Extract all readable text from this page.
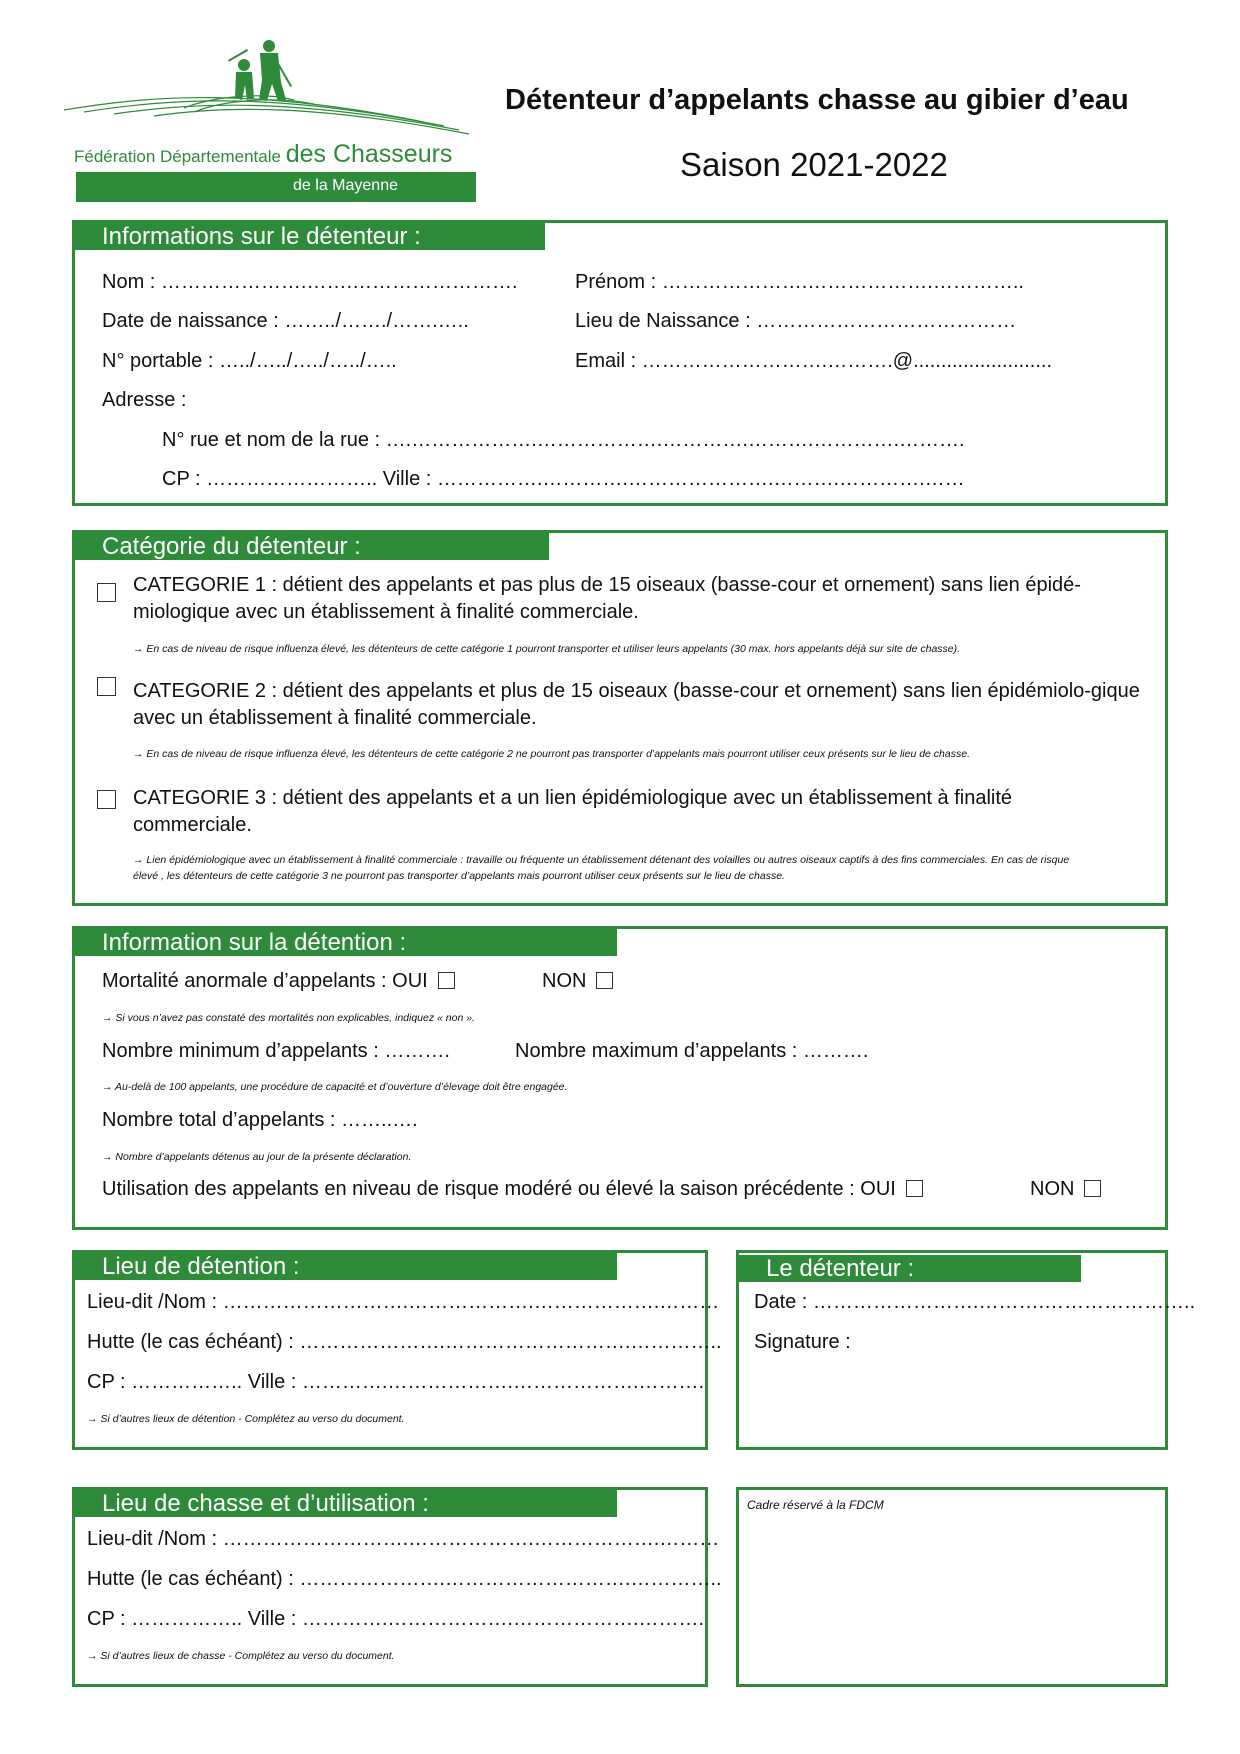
Fédération Départementale des Chasseurs
de la Mayenne
Détenteur d’appelants chasse au gibier d’eau
Saison 2021-2022
Informations sur le détenteur :
Nom : ………………….…….…………………….	Prénom : ………………….……………….…………..
Date de naissance : ……../……./…….…..	Lieu de Naissance : …………………………………
N° portable : …../…../…../…../…..	Email : ……………………….……….@.........................
Adresse :
N° rue et nom de la rue : ….……………….……………….………….……….………….……….
CP : …………………….. Ville : …………….………….………………….……….………….……
Catégorie du détenteur :
CATEGORIE 1 : détient des appelants et pas plus de 15 oiseaux (basse-cour et ornement) sans lien épidé-miologique avec un établissement à finalité commerciale.
→ En cas de niveau de risque influenza élevé, les détenteurs de cette catégorie 1 pourront transporter et utiliser leurs appelants (30 max. hors appelants déjà sur site de chasse).
CATEGORIE 2 : détient des appelants et plus de 15 oiseaux (basse-cour et ornement) sans lien épidémiolo-gique avec un établissement à finalité commerciale.
→ En cas de niveau de risque influenza élevé, les détenteurs de cette catégorie 2 ne pourront pas transporter d’appelants mais pourront utiliser ceux présents sur le lieu de chasse.
CATEGORIE 3 : détient des appelants et a un lien épidémiologique avec un établissement à finalité commerciale.
→ Lien épidémiologique avec un établissement à finalité commerciale : travaille ou fréquente un établissement détenant des volailles ou autres oiseaux captifs à des fins commerciales. En cas de risque élevé , les détenteurs de cette catégorie 3 ne pourront pas transporter d’appelants mais pourront utiliser ceux présents sur le lieu de chasse.
Information sur la détention :
Mortalité anormale d’appelants : OUI	NON
→ Si vous n’avez pas constaté des mortalités non explicables, indiquez « non ».
Nombre minimum d’appelants : ……….	Nombre maximum d’appelants : ……….
→ Au-delà de 100 appelants, une procédure de capacité et d’ouverture d’élevage doit être engagée.
Nombre total d’appelants : ……..….
→ Nombre d’appelants détenus au jour de la présente déclaration.
Utilisation des appelants en niveau de risque modéré ou élevé la saison précédente : OUI	NON
Lieu de détention :
Lieu-dit /Nom : ……………………….……………….……………….………
Hutte (le cas échéant) : ………………….……………………….…………..
CP : …………….. Ville : ………….……………….……………….……….
→ Si d’autres lieux de détention - Complétez au verso du document.
Le détenteur :
Date : …………………….……….…………………..
Signature :
Lieu de chasse et d’utilisation :
Lieu-dit /Nom : ……………………….……………….……………….………
Hutte (le cas échéant) : ………………….……………………….…………..
CP : …………….. Ville : ………….……………….……………….……….
→ Si d’autres lieux de chasse - Complétez au verso du document.
Cadre réservé à la FDCM
